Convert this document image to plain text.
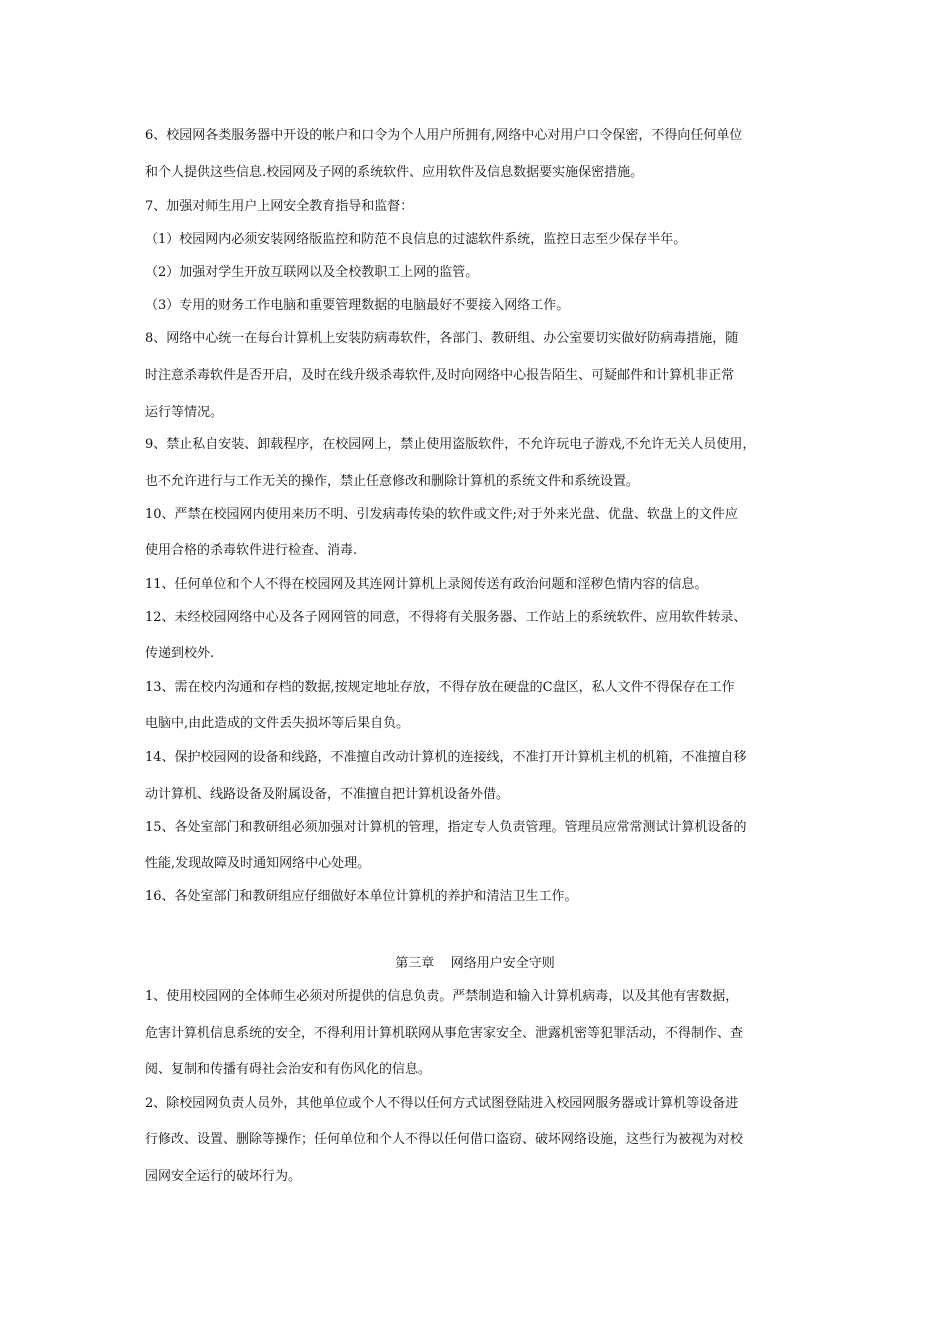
6、校园网各类服务器中开设的帐户和口令为个人用户所拥有,网络中心对用户口令保密，不得向任何单位
和个人提供这些信息.校园网及子网的系统软件、应用软件及信息数据要实施保密措施。
7、加强对师生用户上网安全教育指导和监督：
（1）校园网内必须安装网络版监控和防范不良信息的过滤软件系统，监控日志至少保存半年。
（2）加强对学生开放互联网以及全校教职工上网的监管。
（3）专用的财务工作电脑和重要管理数据的电脑最好不要接入网络工作。
8、网络中心统一在每台计算机上安装防病毒软件，各部门、教研组、办公室要切实做好防病毒措施，随
时注意杀毒软件是否开启，及时在线升级杀毒软件,及时向网络中心报告陌生、可疑邮件和计算机非正常
运行等情况。
9、禁止私自安装、卸载程序，在校园网上，禁止使用盗版软件，不允许玩电子游戏,不允许无关人员使用，
也不允许进行与工作无关的操作，禁止任意修改和删除计算机的系统文件和系统设置。
10、严禁在校园网内使用来历不明、引发病毒传染的软件或文件;对于外来光盘、优盘、软盘上的文件应
使用合格的杀毒软件进行检查、消毒.
11、任何单位和个人不得在校园网及其连网计算机上录阅传送有政治问题和淫秽色情内容的信息。
12、未经校园网络中心及各子网网管的同意，不得将有关服务器、工作站上的系统软件、应用软件转录、
传递到校外.
13、需在校内沟通和存档的数据,按规定地址存放，不得存放在硬盘的C盘区，私人文件不得保存在工作
电脑中,由此造成的文件丢失损坏等后果自负。
14、保护校园网的设备和线路，不准擅自改动计算机的连接线，不准打开计算机主机的机箱，不准擅自移
动计算机、线路设备及附属设备，不准擅自把计算机设备外借。
15、各处室部门和教研组必须加强对计算机的管理，指定专人负责管理。管理员应常常测试计算机设备的
性能,发现故障及时通知网络中心处理。
16、各处室部门和教研组应仔细做好本单位计算机的养护和清洁卫生工作。
第三章    网络用户安全守则
1、使用校园网的全体师生必须对所提供的信息负责。严禁制造和输入计算机病毒，以及其他有害数据，
危害计算机信息系统的安全，不得利用计算机联网从事危害家安全、泄露机密等犯罪活动，不得制作、查
阅、复制和传播有碍社会治安和有伤风化的信息。
2、除校园网负责人员外，其他单位或个人不得以任何方式试图登陆进入校园网服务器或计算机等设备进
行修改、设置、删除等操作；任何单位和个人不得以任何借口盗窃、破坏网络设施，这些行为被视为对校
园网安全运行的破坏行为。
